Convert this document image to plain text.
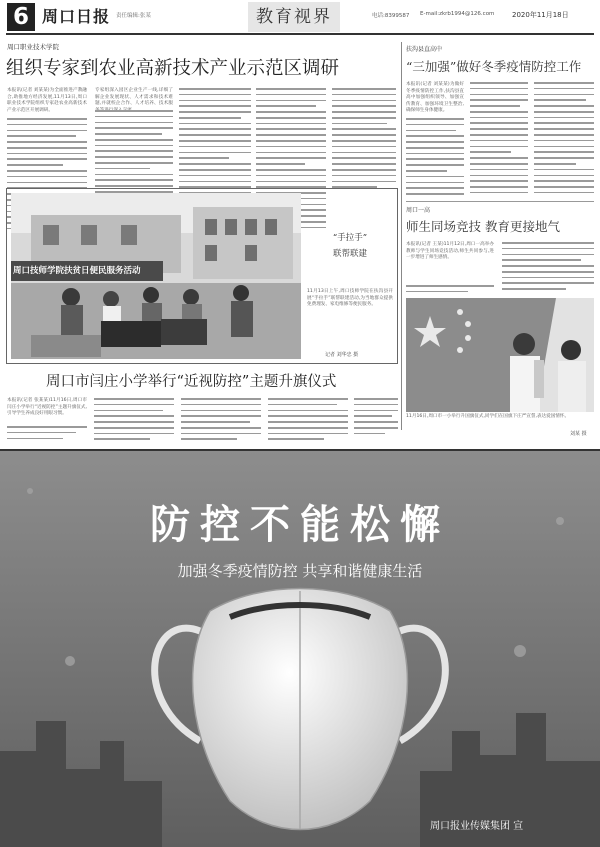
6 周口日报 责任编辑:张某	教育视界	电话:8399587 E-mail:zkrb1994@126.com	2020年11月18日
周口职业技术学院
组织专家到农业高新技术产业示范区调研
本报讯(记者 刘某某)为全面推进产教融合,助推地方经济发展,11月13日,周口职业技术学院组织专家赴农业高新技术产业示范区开展调研。
专家组深入园区企业生产一线,详细了解企业发展现状、人才需求和技术难题,并就校企合作、人才培养、技术服
扶沟县直高中
“三加强”做好冬季疫情防控工作
本报讯(记者 刘某某)为做好冬季疫情防控工作,扶沟县直高中加强组织领导、加强宣传教育、加强环境卫生整治,确保师生身体健康。
周口技师学院扶贫日便民服务活动
“手拉手”
联帮联建
11月13日上午,周口技师学院在扶沟县开展“手拉手”联帮联建活动,为当地群众提供免费理发、家电维修等便民服务。
记者 刘华忠 摄
周口一高
师生同场竞技 教育更接地气
本报讯(记者 王某)11月12日,周口一高举办教师与学生同场竞技活动,师生共同参与,进一步增进了师生感情。
周口市闫庄小学举行“近视防控”主题升旗仪式
本报讯(记者 张某某)11月16日,周口市闫庄小学举行“近视防控”主题升旗仪式,引导学生养成良好用眼习惯。
11月16日,周口市一小举行升国旗仪式,同学们在国旗下庄严宣誓,表达爱国情怀。
刘某 摄
防控不能松懈
加强冬季疫情防控 共享和谐健康生活
周口报业传媒集团 宣
